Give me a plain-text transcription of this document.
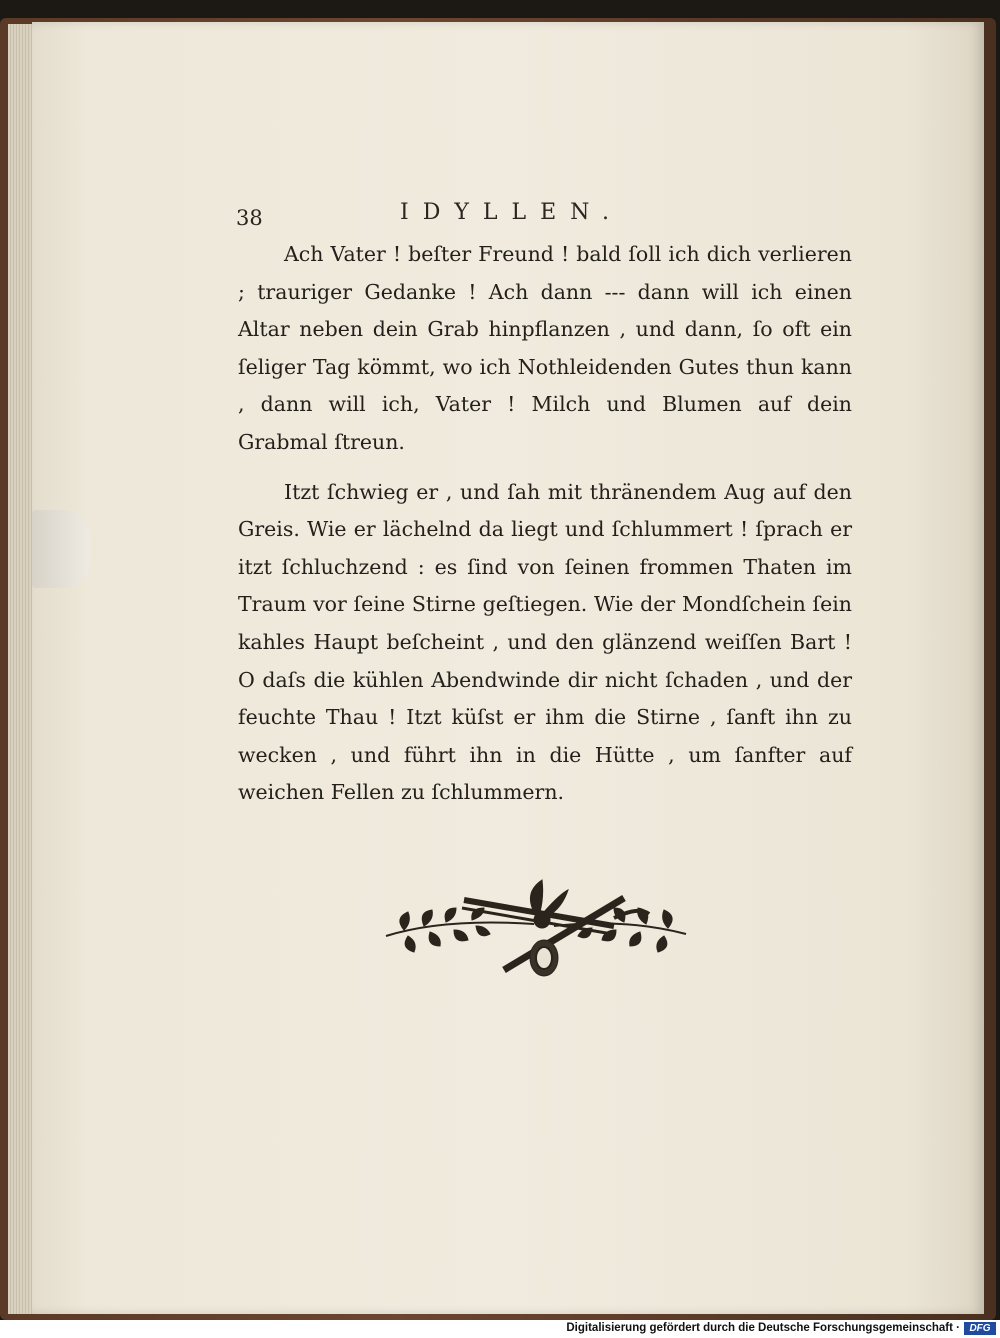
38	IDYLLEN.

Ach Vater ! beſter Freund ! bald ſoll ich dich verlieren ; trauriger Gedanke ! Ach dann --- dann will ich einen Altar neben dein Grab hinpflanzen , und dann, ſo oft ein ſeliger Tag kömmt, wo ich Nothleidenden Gutes thun kann , dann will ich, Vater ! Milch und Blumen auf dein Grabmal ſtreun.

Itzt ſchwieg er , und ſah mit thränendem Aug auf den Greis. Wie er lächelnd da liegt und ſchlummert ! ſprach er itzt ſchluchzend : es ſind von ſeinen frommen Thaten im Traum vor ſeine Stirne geſtiegen. Wie der Mondſchein ſein kahles Haupt beſcheint , und den glänzend weiſſen Bart ! O daſs die kühlen Abendwinde dir nicht ſchaden , und der feuchte Thau ! Itzt küſst er ihm die Stirne , ſanft ihn zu wecken , und führt ihn in die Hütte , um ſanfter auf weichen Fellen zu ſchlummern.

Digitalisierung gefördert durch die Deutsche Forschungsgemeinschaft · DFG
